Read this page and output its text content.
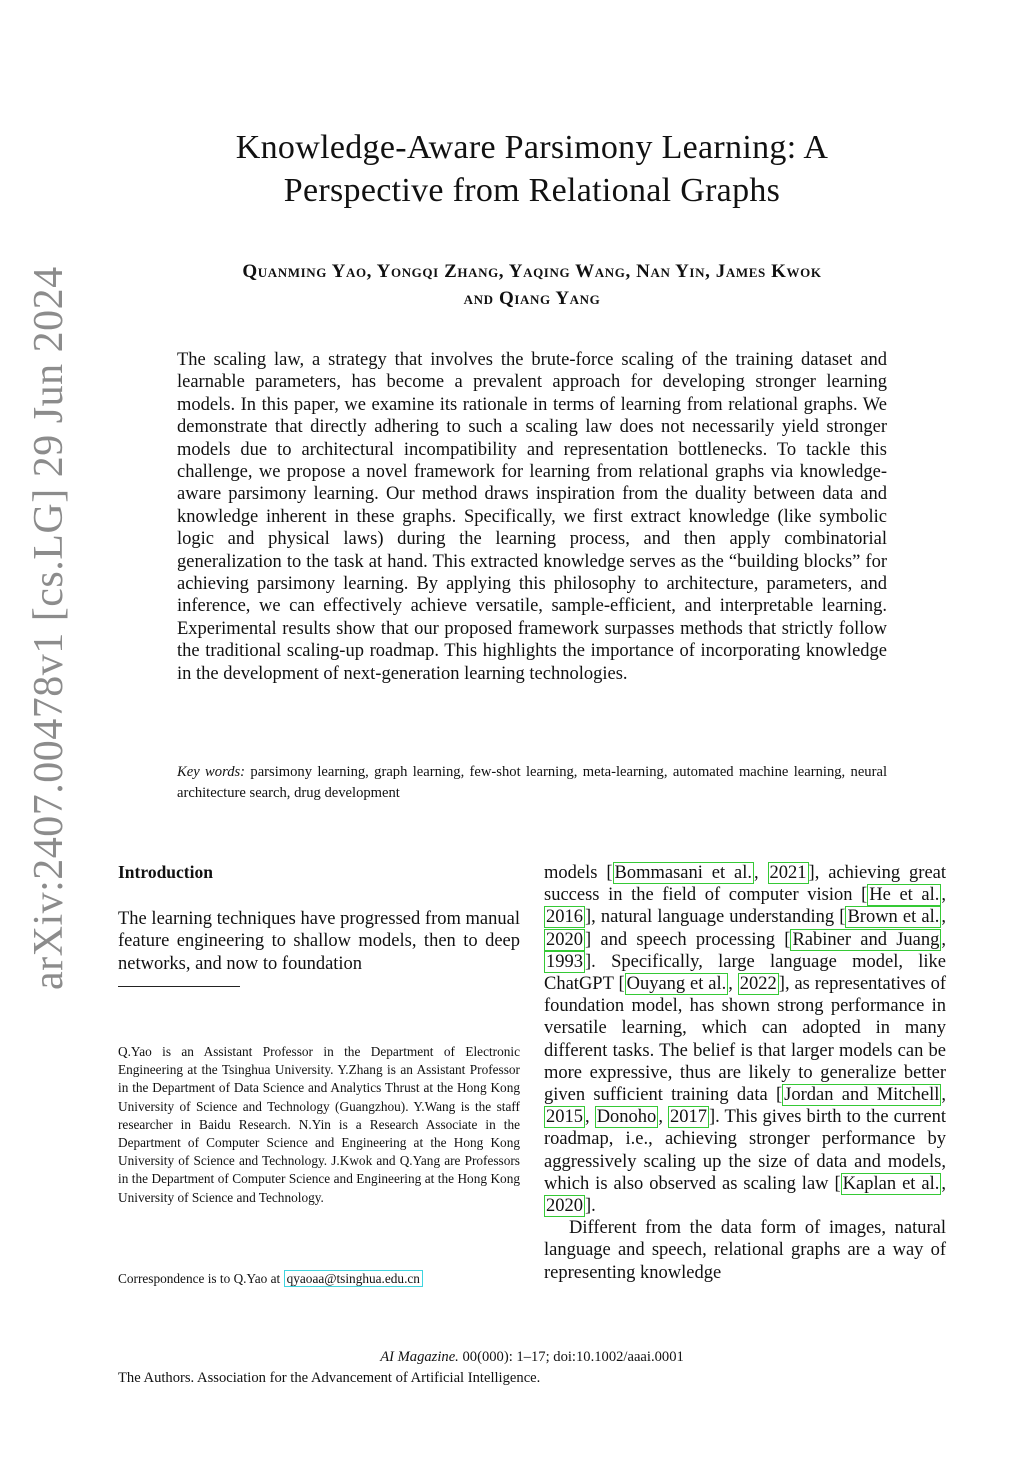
arXiv:2407.00478v1 [cs.LG] 29 Jun 2024
Knowledge-Aware Parsimony Learning: A
Perspective from Relational Graphs
Quanming Yao, Yongqi Zhang, Yaqing Wang, Nan Yin, James Kwok
and Qiang Yang

The scaling law, a strategy that involves the brute-force scaling of the training dataset and learnable parameters, has become a prevalent approach for developing stronger learning models. In this paper, we examine its rationale in terms of learning from relational graphs. We demonstrate that directly adhering to such a scaling law does not necessarily yield stronger models due to architectural incompatibility and representation bottlenecks. To tackle this challenge, we propose a novel framework for learning from relational graphs via knowledge-aware parsimony learning. Our method draws inspiration from the duality between data and knowledge inherent in these graphs. Specifically, we first extract knowledge (like symbolic logic and physical laws) during the learning process, and then apply combinatorial generalization to the task at hand. This extracted knowledge serves as the “building blocks” for achieving parsimony learning. By applying this philosophy to architecture, parameters, and inference, we can effectively achieve versatile, sample-efficient, and interpretable learning. Experimental results show that our proposed framework surpasses methods that strictly follow the traditional scaling-up roadmap. This highlights the importance of incorporating knowledge in the development of next-generation learning technologies.

Key words: parsimony learning, graph learning, few-shot learning, meta-learning, automated machine learning, neural architecture search, drug development

Introduction

The learning techniques have progressed from manual feature engineering to shallow models, then to deep networks, and now to foundation

Q.Yao is an Assistant Professor in the Department of Electronic Engineering at the Tsinghua University. Y.Zhang is an Assistant Professor in the Department of Data Science and Analytics Thrust at the Hong Kong University of Science and Technology (Guangzhou). Y.Wang is the staff researcher in Baidu Research. N.Yin is a Research Associate in the Department of Computer Science and Engineering at the Hong Kong University of Science and Technology. J.Kwok and Q.Yang are Professors in the Department of Computer Science and Engineering at the Hong Kong University of Science and Technology.

Correspondence is to Q.Yao at qyaoaa@tsinghua.edu.cn

models [ Bommasani et al. , 2021 ], achieving great success in the field of computer vision [ He et al. , 2016 ], natural language understanding [ Brown et al. , 2020 ] and speech processing [ Rabiner and Juang , 1993 ]. Specifically, large language model, like ChatGPT [ Ouyang et al. , 2022 ], as representatives of foundation model, has shown strong performance in versatile learning, which can adopted in many different tasks. The belief is that larger models can be more expressive, thus are likely to generalize better given sufficient training data [ Jordan and Mitchell , 2015 , Donoho , 2017 ]. This gives birth to the current roadmap, i.e., achieving stronger performance by aggressively scaling up the size of data and models, which is also observed as scaling law [ Kaplan et al. , 2020 ].

Different from the data form of images, natural language and speech, relational graphs are a way of representing knowledge

AI Magazine. 00(000): 1–17; doi:10.1002/aaai.0001
The Authors. Association for the Advancement of Artificial Intelligence.
